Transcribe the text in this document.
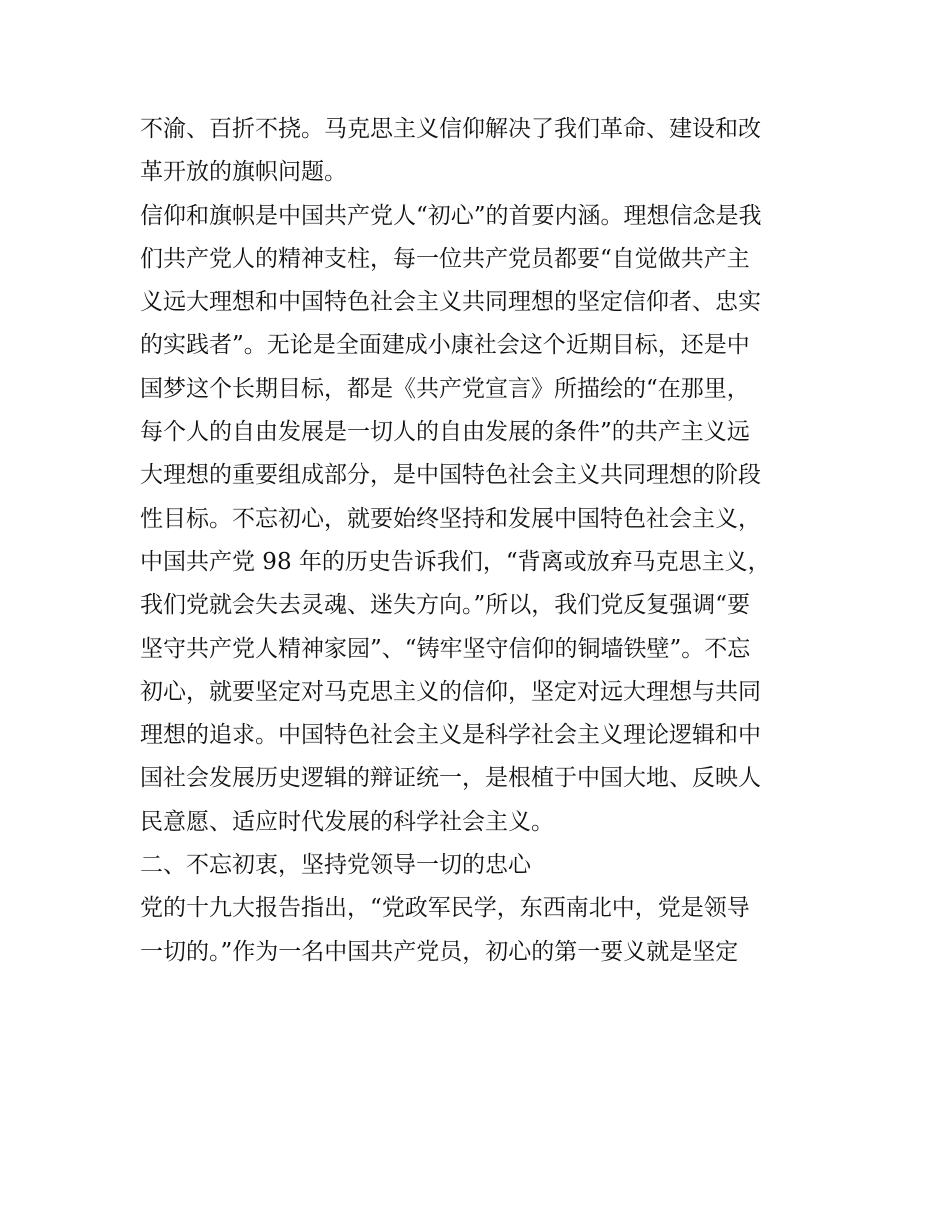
不渝、百折不挠。马克思主义信仰解决了我们革命、建设和改
革开放的旗帜问题。
信仰和旗帜是中国共产党人“初心”的首要内涵。理想信念是我
们共产党人的精神支柱，每一位共产党员都要“自觉做共产主
义远大理想和中国特色社会主义共同理想的坚定信仰者、忠实
的实践者”。无论是全面建成小康社会这个近期目标，还是中
国梦这个长期目标，都是《共产党宣言》所描绘的“在那里，
每个人的自由发展是一切人的自由发展的条件”的共产主义远
大理想的重要组成部分，是中国特色社会主义共同理想的阶段
性目标。不忘初心，就要始终坚持和发展中国特色社会主义，
中国共产党 98 年的历史告诉我们，“背离或放弃马克思主义，
我们党就会失去灵魂、迷失方向。”所以，我们党反复强调“要
坚守共产党人精神家园”、“铸牢坚守信仰的铜墙铁壁”。不忘
初心，就要坚定对马克思主义的信仰，坚定对远大理想与共同
理想的追求。中国特色社会主义是科学社会主义理论逻辑和中
国社会发展历史逻辑的辩证统一，是根植于中国大地、反映人
民意愿、适应时代发展的科学社会主义。
二、不忘初衷，坚持党领导一切的忠心
党的十九大报告指出，“党政军民学，东西南北中，党是领导
一切的。”作为一名中国共产党员，初心的第一要义就是坚定
